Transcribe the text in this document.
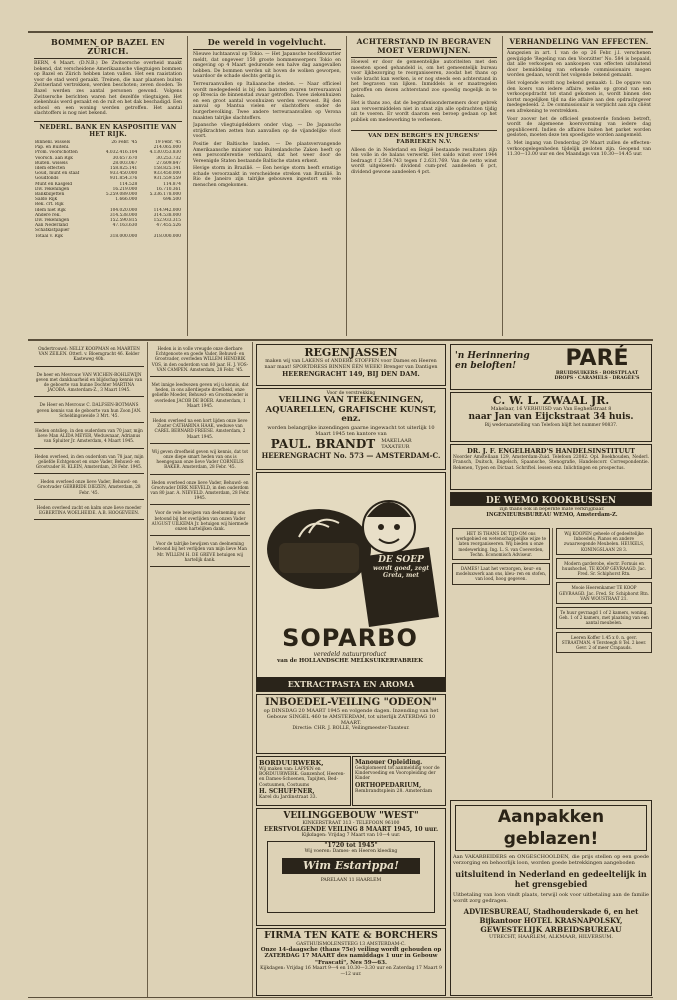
BOMMEN OP BAZEL EN ZÜRICH.
BERN, 4 Maart. (D.N.B.) De Zwitsersche overheid maakt bekend, dat verscheidene Amerikaansche vliegtuigen bommen op Bazel en Zürich hebben laten vallen. Het een raaistation voor de stad werd geraakt. Treinen, die naar plaatsen buiten Zwitserland vertrokken, werden beschoten; zeven dooden. Te Bazel werden zes aantal personen gewond. Volgens Zwitsersche berichten waren het dezelfde vliegtuigen. Het ziekenhuis werd geraakt en de ruit en het dak beschadigd. Een school en een woning werden getroffen. Het aantal slachtoffers is nog niet bekend.
NEDERL. BANK EN KASPOSITIE VAN HET RIJK.
Binnenl. wissels	26 Febr. '45	19 Febr. '45
Pap. en Buitenl.		214.065.000
Prom. voorschotten	4.032.416.104	4.130.053.830
Voorsch. aan Rijk	30.657.670	30.253.732
Buiten. wissels	28.003.067	27.609.847
Idem effecten	158.825.141	158.825.141
Goud, munt en staaf	933.450.000	933.450.000
Goudfonds	931.854.376	931.559.559
Munt en Kasgeld	114.528	114.874
Div. rekeningen	16.219.000	16.710.361
Bankbiljetten	5.259.089.000	5.336.178.000
Saldo Rijk	1.666.000	696.500
Rek. crt. Rijk		
Idem niet Rijk	104.020.000	114.942.000
Andere rek.	314.538.000	314.538.000
Div. rekeningen	152.590.815	152.933.315
Aan Nederland	47.163.630	47.455.526
Schatkistpapier		
Totaal v. Rijk	318.000.000	318.000.000
De wereld in vogelvlucht.
Nieuwe luchtaanval op Tokio. — Het Japansche hoofdkwartier meldt, dat ongeveer 150 groote bommenwerpers Tokio en omgeving op 4 Maart gedurende een halve dag aangevallen hebben. De bommen werden uit boven de wolken geworpen, waardoor de schade slechts gering is.
Terreuraanvallen op Italiaansche steden. — Naar officieel wordt medegedeeld is bij den laatsten zwaren terreuraanval op Brescia de binnenstad zwaar getroffen. Twee ziekenhuizen en een groot aantal woonhuizen werden verwoest. Bij den aanval op Mantua vielen er slachtoffers onder de burgerbevolking. Twee andere terreuraanvallen op Verona maakten talrijke slachtoffers.
Japansche vliegtuigdekkers onder vlag. — De Japansche strijdkrachten zetten hun aanvallen op de vijandelijke vloot voort.
Positie der Baltische landen. — De plaatsvervangende Amerikaansche minister van Buitenlandsche Zaken heeft op een persconferentie verklaard, dat het weer door de Vereenigde Staten bestaande Baltische staten erkent.
Hevige storm in Brazilië. — Een hevige storm heeft ernstige schade veroorzaakt in verscheidene streken van Brazilië. In Rio de Janeiro zijn talrijke gebouwen ingestort en vele menschen omgekomen.
ACHTERSTAND IN BEGRAVEN MOET VERDWIJNEN.
Hoewel er door de gemeentelijke autoriteiten met den meesten spoed gehandeld is, om het gemeentelijk bureau voor lijkbezorging te reorganiseeren, zoodat het thans op volle kracht kan werken, is er nog steeds een achterstand in het begraven van lijken. Inmiddels is er maatregelen getroffen om dezen achterstand zoo spoedig mogelijk in te halen.
Het is thans zoo, dat de begrafenisondernemers door gebrek aan vervoermiddelen niet in staat zijn alle opdrachten tijdig uit te voeren. Er wordt daarom een beroep gedaan op het publiek om medewerking te verleenen.
VAN DEN BERGH'S EN JURGENS' FABRIEKEN N.V.
Alleen de in Nederland en België bestaande resultaten zijn ten volle in de balans verwerkt. Het saldo winst over 1944 bedraagt f 2.584.743 tegen f 2.631.769. Van de netto winst wordt uitgekeerd: dividend cum-pref. aandeelen 6 pct, dividend gewone aandeelen 4 pct.
VERHANDELING VAN EFFECTEN.
Aangezien in art. 1 van de op 26 Febr. j.l. verschenen gewijzigde 'Regeling van den Voorzitter' No. 584 is bepaald, dat alle verkoopen en aankoopen van effecten uitsluitend door bemiddeling van erkende commissionairs mogen worden gedaan, wordt het volgende bekend gemaakt.
Het volgende wordt nog bekend gemaakt: 1. De opgave van den koers van iedere affaire, welke op grond van een verkoopopdracht tot stand gekomen is, wordt binnen den kortst mogelijken tijd na die affaire aan den opdrachtgever medegedeeld. 2. De commissionair is verplicht aan zijn cliënt een afrekening te verstrekken.
Voor zoover het de officieel genoteerde fondsen betreft, wordt de algemeene koersvorming van iedere dag gepubliceerd. Indien de affaires buiten het parket worden gesloten, moeten deze ten spoedigste worden aangemeld.
3. Met ingang van Donderdag 29 Maart zullen de effecten-verkoopgelegenheden tijdelijk gesloten zijn. Geopend van 11.30—13.00 uur en des Maandags van 10.30—14.45 uur.
Ondertrouwd: NELLY KOOPMAN en MAARTEN VAN ZEILEN. Otterl. v. Bloemgracht 46. Kelder Kasteweg 40b.
De heer en Mevrouw VAN WICHEN-ROHLEWIJN geven met dankbaarheid en blijdschap kennis van de geboorte van hunne Dochter MARTINA JACOBA. Amsterdam-Z., 3 Maart 1945.
De Heer en Mevrouw C. DALFSEN-BOTMANS geven kennis van de geboorte van hun Zoon JAN. Scheldingsweide 3 Mrt. '45.
Heden ontsliep, in den ouderdom van 70 jaar, mijn lieve Man ALIDA MEYER, Weduwnaar, Adrianus van Spluiter Jr. Amsterdam, 4 Maart 1945.
Heden overleed, in den ouderdom van 78 jaar, mijn geliefde Echtgenoot en onze Vader, Behuwd- en Grootvader H. KLEIN, Amsterdam, 28 Febr. 1945.
Heden overleed onze lieve Vader, Behuwd- en Grootvader GERBRIDE DIEZEN, Amsterdam, 28 Febr. '45.
Heden overleed zacht en kalm onze lieve moeder EGBERTINA WOELHEIDE. A.B. HOOGEVEEN.
Heden is in volle vreugde onze dierbare Echtgenoote en goede Vader, Behuwd- en Grootvader, overleden WILLEM HENDRIK VOS, in den ouderdom van 80 jaar. H. J. VOS-VAN CAMPEN. Amsterdam, 28 Febr. '45.
Met innige leedwezen geven wij u kennis, dat heden, in ons allerdiepste droefheid, onze geliefde Moeder, Behuwd- en Grootmoeder is overleden JACOB DE BOER. Amsterdam, 1 Maart 1945.
Heden overleed na een kort lijden onze lieve Zuster CATHARINA HAAK, weduwe van CAREL BERNARD FREESE. Amsterdam, 2 Maart 1945.
Wij geven droefheid geven wij kennis, dat tot onze diepe smart heden van ons is heengegaan onze lieve Vader CORNELIS BAKER. Amsterdam, 28 Febr. '45.
Heden overleed onze lieve Vader, Behuwd- en Grootvader DIRK NIEVELD, in den ouderdom van 80 jaar. A. NIEVELD. Amsterdam, 28 Febr. 1945.
Voor de vele bewijzen van deelneming ons betoond bij het overlijden van onzen Vader AUGUST UILKEMA Jr. betuigen wij hiermede onzen hartelijken dank.
Voor de talrijke bewijzen van deelneming betoond bij het verlijden van mijn lieve Man Mr. WILLEM H. DE GREVE betuigen wij hartelijk dank.
REGENJASSEN
maken wij van LAKENS of ANDERE STOFFEN voor Dames en Heeren naar maat! SPORTDRESS BINNEN ÉÉN WEEK! Brenger van Dantigen
HEERENGRACHT 149, BIJ DEN DAM.
Voor de verstrekking
VEILING VAN TEEKENINGEN, AQUARELLEN, GRAFISCHE KUNST, enz.
worden belangrijke inzendingen gaarne ingewacht tot uiterlijk 10 Maart 1945 ten kantore van
PAUL. BRANDT MAKELAAR TAXATEUR
HEERENGRACHT No. 573 — AMSTERDAM-C.
DE SOEP
wordt goed, zegt Greta, met
SOPARBO
veredeld natuurproduct
van de HOLLANDSCHE MELKSUIKERFABRIEK
EXTRACTPASTA EN AROMA
INBOEDEL-VEILING "ODEON"
op DINSDAG 20 MAART 1945 en volgende dagen. Inzending van het Gebouw SINGEL 460 te AMSTERDAM, tot uiterlijk ZATERDAG 10 MAART.
Directie: CHR. J. BOLLE, Veilingmeester-Taxateur.
BORDUURWERK,
Wij maken van: LAPPEN en BORDUURWERK. Ganzenhof, Heeren- en Dames-Schoenen, Tapijten, Bed-Costuumen, Costuums
H. SCHUFFNER,
Karel du Jardinstraat 33.
Manouer Opleiding.
Gediplomeerd tot aanmelding voor de Kindervoeding en Vooropleiding der Kinder
ORTHOPEDARIUM,
Rembrandtsplein 28. Amsterdam
VEILINGGEBOUW "WEST"
KINKERSTRAAT 313 - TELEFOON 96100
EERSTVOLGENDE VEILING 8 MAART 1945, 10 uur.
Kijkdagen: Vrijdag 7 Maart van 10—4 uur.
"1720 tot 1945"
Wij voeren: Dames- en Heeren kleeding
Wim Estarippa!
PARELAAN 11 HAARLEM
FIRMA TEN KATE & BORCHERS
GASTHUISMOLENSTEEG 13 AMSTERDAM-C.
Onze 14-daagsche (thans 75e) veiling wordt gehouden op ZATERDAG 17 MAART des namiddags 1 uur in Gebouw "Frascati", Nes 59—63.
Kijkdagen: Vrijdag 16 Maart 9—4 en 10.30—3.30 uur en Zaterdag 17 Maart 9—12 uur.
'n Herinnering
en beloften!	PARÉ
BRUIDSUIKERS · BORSTPLAAT
DROPS · CARAMELS · DRAGÉE'S
C. W. L. ZWAAL JR.
Makelaar, 16 VERHUISD van Van Eeghenstraat 8
naar Jan van Eijckstraat 34 huis.
Bij wederaanstelling van Telefoon blijft het nummer 90837.
DR. J. F. ENGELHARD'S HANDELSINSTITUUT
Noorder Amstellaan 129, Amsterdam-Zuid. Telefoon 22082. Opl. Boekhouden, Nederl. Fransch, Duitsch, Engelsch, Spaansche, Stenografie, Handelscorr. Correspondentie. Rekenen, Typen en Dictaat. Schriftel. lessen enz. Inlichtingen en prospectus.
DE WEMO KOOKBUSSEN
zijn thans ook in beperkte mate verkrijgbaar.
INGENIEURSBUREAU WEMO, Amsterdam-Z.
HET IS THANS DE TIJD OM ons werkgebied en wetenschappelijke wijze te laten reorganiseeren. Wij bieden u onze medewerking. Ing. L. S. van Coeverden, Techn. Economisch Adviseur.
DAMES! Laat het verzorgen, keur- en modeluxwerk aan ons, kleu- ren en stofen, van lood, hoog gegeven.
Wij KOOPEN geheele of gedeeltelijke Inboedels, Pianos en andere zwaarwegende Meubelen. HEUKELS, KONINGSLAAN 28 3.
Modern garderobe, electr. Fornuis en huushochel, TE KOOP GEVRAAGD. Jac. Fred. Sr. Schiphorst Rtn.
Mooie Heerenkamer TE KOOP GEVRAAGD. Jac. Fred. Sr. Schiphorst Rtn. VAN WOUSTRAAT 21.
Te huur gevraagd 1 of 2 kamers, woning. Geh. 1 of 2 kamers, met plaatsing van een aantal meubelen.
Leeren Koffer 1.45 x 0. n. gevr. STRAATMAN. 4 Tersteegh 8 Tel. 2 keer. Gevr. 2 of meer Crapauds.
Aanpakken geblazen!
Aan VAKARBEIDERS en ONGESCHOOLDEN, die prijs stellen op een goede verzorging en behoorlijk loon, worden goede betrekkingen aangeboden
uitsluitend in Nederland en gedeeltelijk in het grensgebied
Uitbetaling van loon vindt plaats, terwijl ook voor uitbetaling aan de familie wordt zorg gedragen.
ADVIESBUREAU, Stadhouderskade 6, en het Bijkantoor HOTEL KRASNAPOLSKY,
GEWESTELIJK ARBEIDSBUREAU
UTRECHT, HAARLEM, ALKMAAR, HILVERSUM.
